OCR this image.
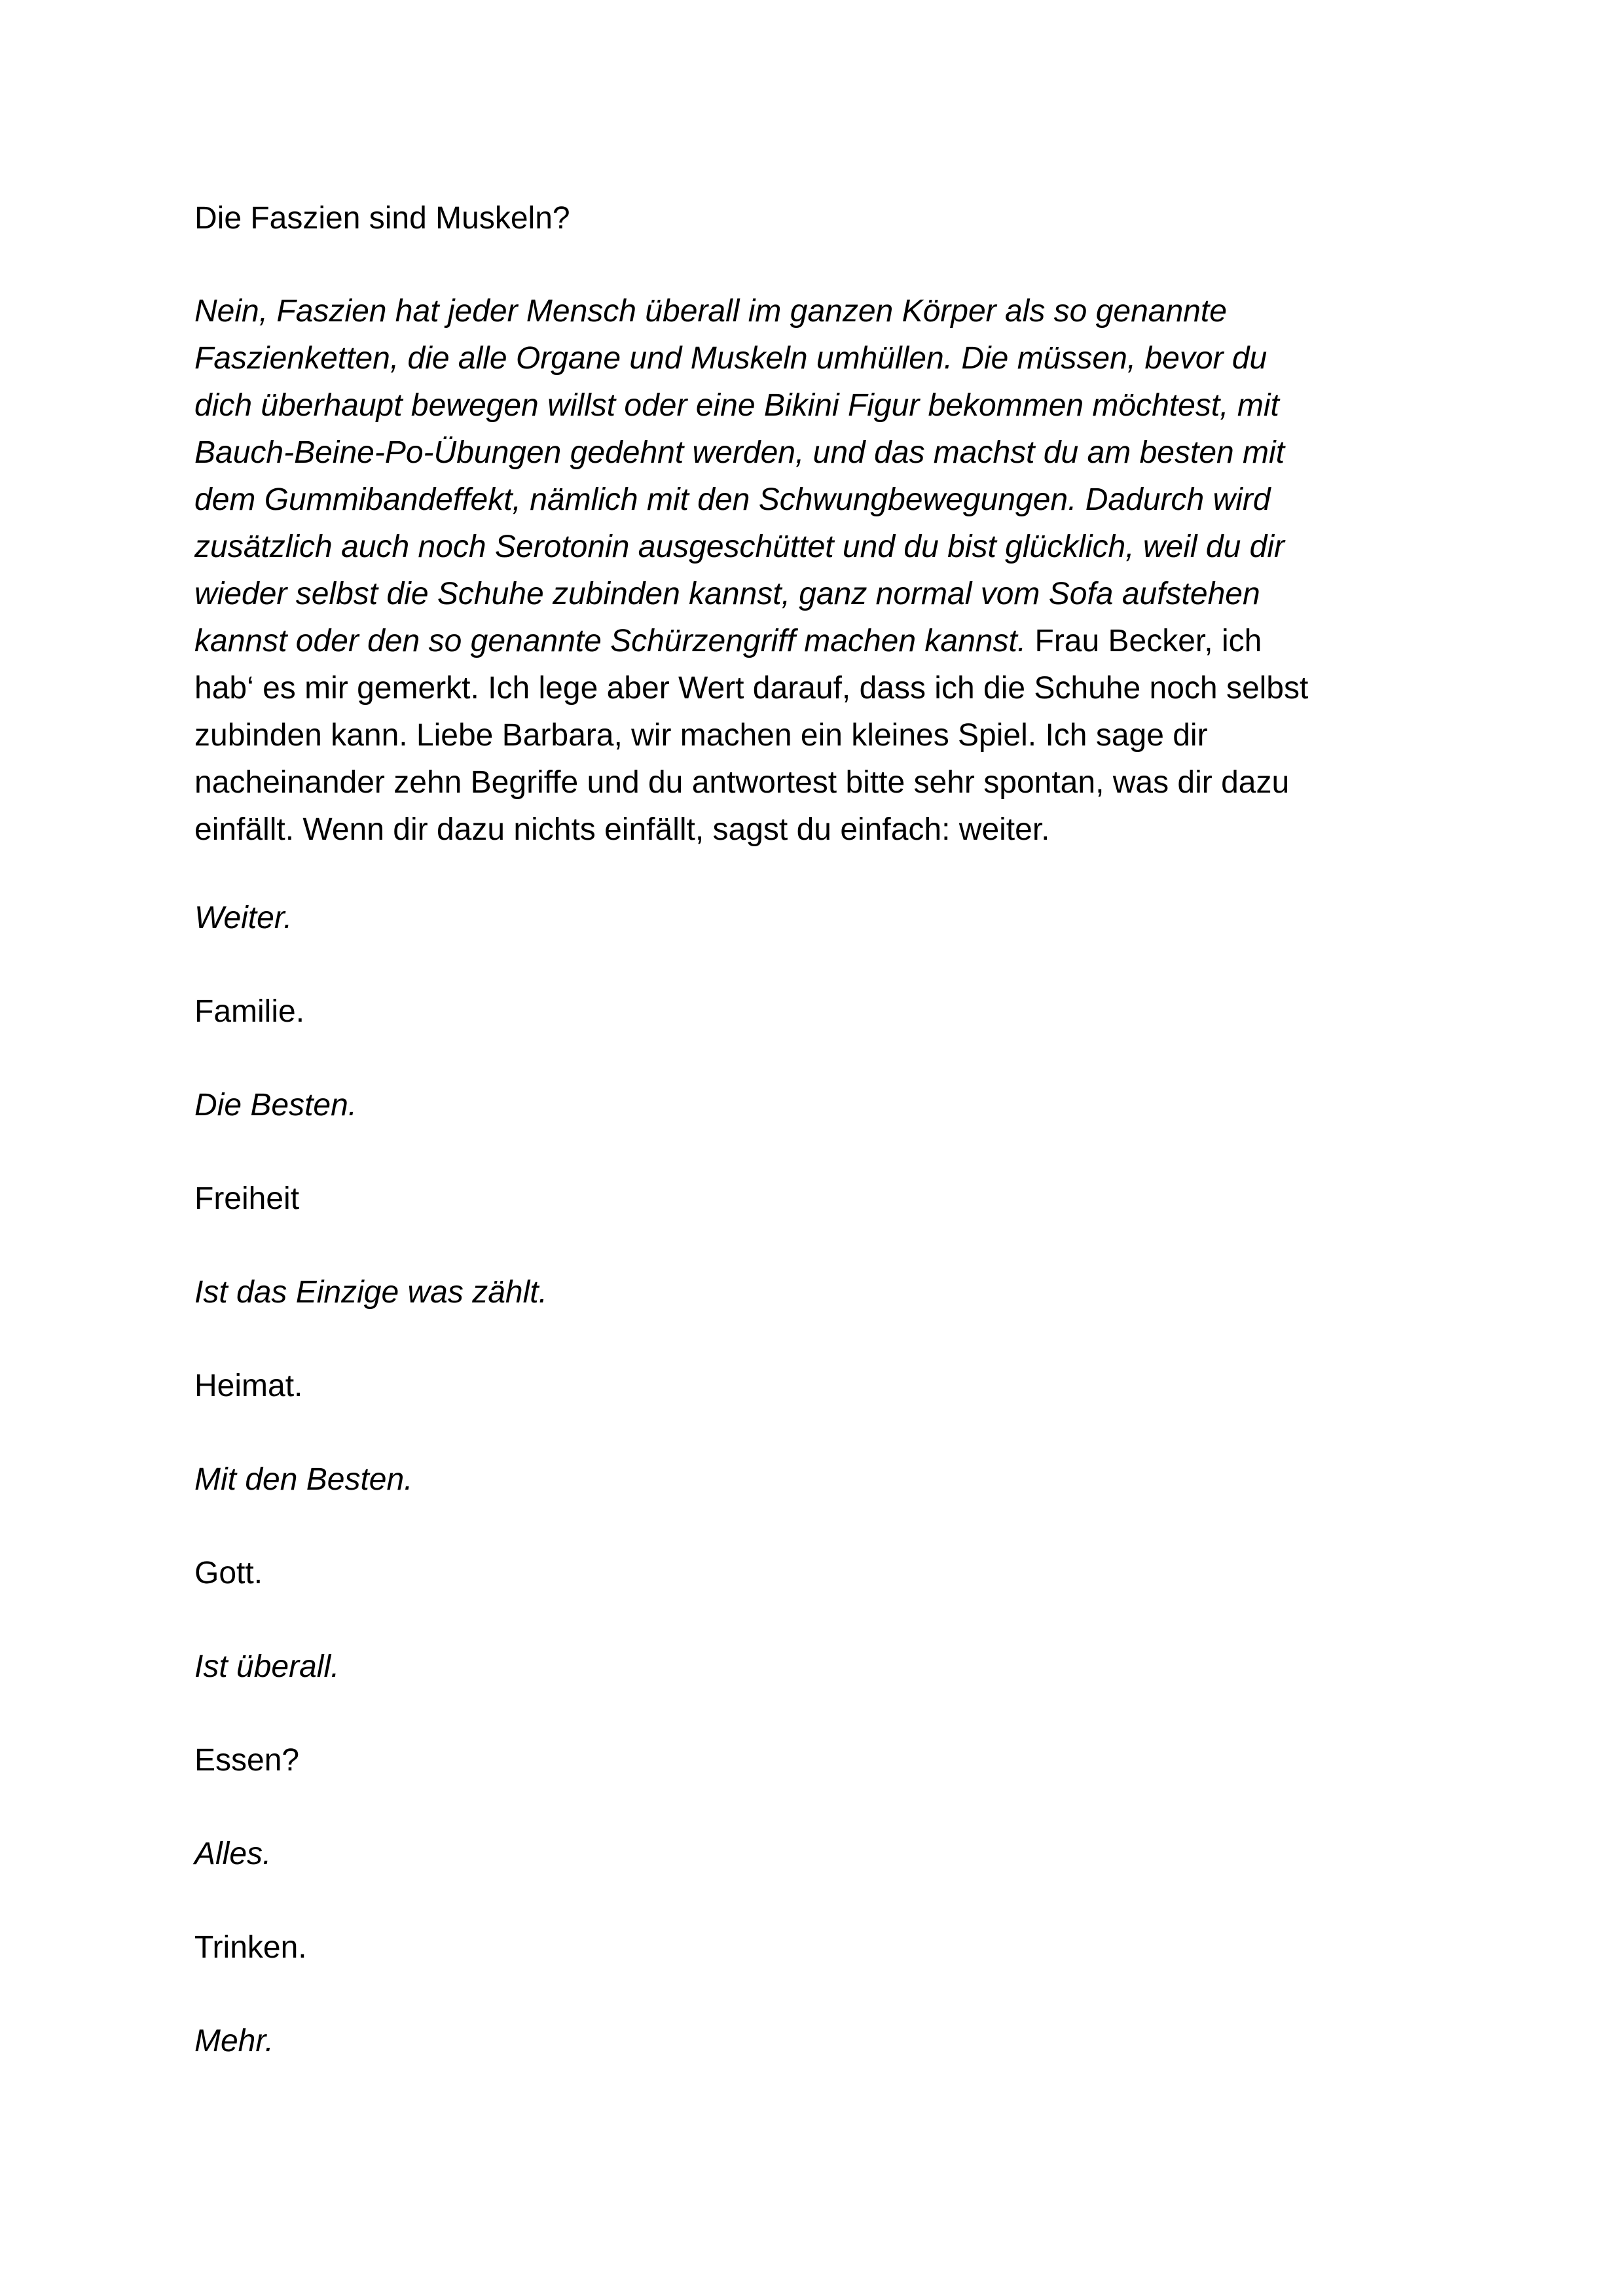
Die Faszien sind Muskeln?
Nein, Faszien hat jeder Mensch überall im ganzen Körper als so genannte
Faszienketten, die alle Organe und Muskeln umhüllen. Die müssen, bevor du
dich überhaupt bewegen willst oder eine Bikini Figur bekommen möchtest, mit
Bauch-Beine-Po-Übungen gedehnt werden, und das machst du am besten mit
dem Gummibandeffekt, nämlich mit den Schwungbewegungen. Dadurch wird
zusätzlich auch noch Serotonin ausgeschüttet und du bist glücklich, weil du dir
wieder selbst die Schuhe zubinden kannst, ganz normal vom Sofa aufstehen
kannst oder den so genannte Schürzengriff machen kannst. Frau Becker, ich
hab‘ es mir gemerkt. Ich lege aber Wert darauf, dass ich die Schuhe noch selbst
zubinden kann. Liebe Barbara, wir machen ein kleines Spiel. Ich sage dir
nacheinander zehn Begriffe und du antwortest bitte sehr spontan, was dir dazu
einfällt. Wenn dir dazu nichts einfällt, sagst du einfach: weiter.
Weiter.
Familie.
Die Besten.
Freiheit
Ist das Einzige was zählt.
Heimat.
Mit den Besten.
Gott.
Ist überall.
Essen?
Alles.
Trinken.
Mehr.
